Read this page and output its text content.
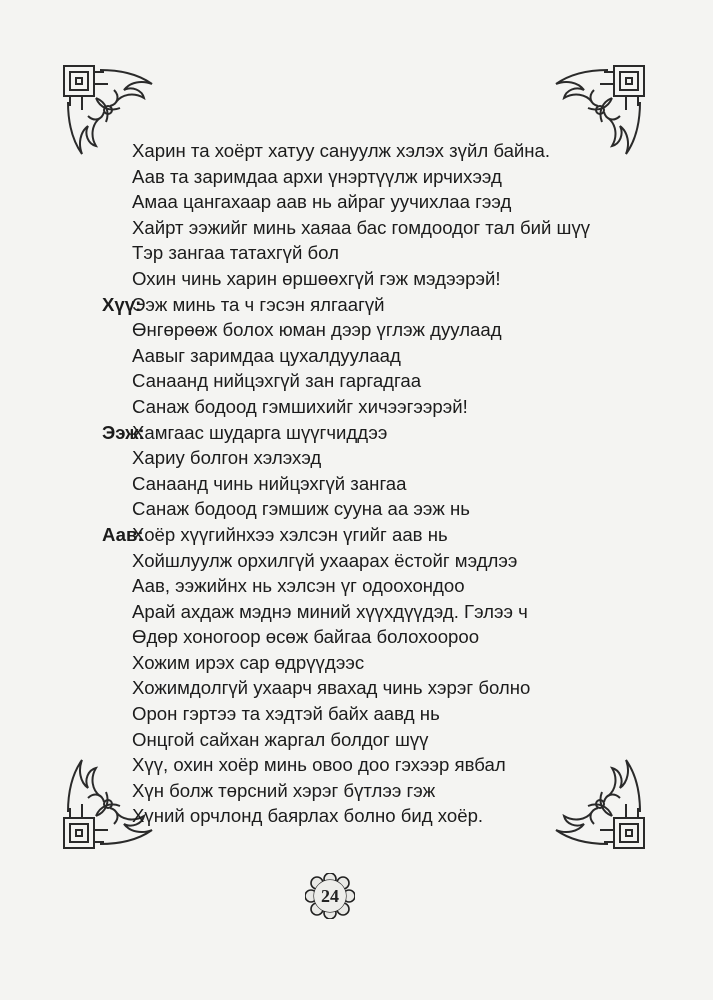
Харин та хоёрт хатуу сануулж хэлэх зүйл байна.
Аав та заримдаа архи үнэртүүлж ирчихээд
Амаа цангахаар аав нь айраг уучихлаа гээд
Хайрт ээжийг минь хаяаа бас гомдоодог тал бий шүү
Тэр зангаа татахгүй бол
Охин чинь харин өршөөхгүй гэж мэдээрэй!
Хүү:
Ээж минь та ч гэсэн ялгаагүй
Өнгөрөөж болох юман дээр үглэж дуулаад
Аавыг заримдаа цухалдуулаад
Санаанд нийцэхгүй зан гаргадгаа
Санаж бодоод гэмшихийг хичээгээрэй!
Ээж:
Хамгаас шударга шүүгчиддээ
Хариу болгон хэлэхэд
Санаанд чинь нийцэхгүй зангаа
Санаж бодоод гэмшиж сууна аа ээж нь
Аав:
Хоёр хүүгийнхээ хэлсэн үгийг аав нь
Хойшлуулж орхилгүй ухаарах ёстойг мэдлээ
Аав, ээжийнх нь хэлсэн үг одоохондоо
Арай ахдаж мэднэ миний хүүхдүүдэд. Гэлээ ч
Өдөр хоногоор өсөж байгаа болохоороо
Хожим ирэх сар өдрүүдээс
Хожимдолгүй ухаарч явахад чинь хэрэг болно
Орон гэртээ та хэдтэй байх аавд нь
Онцгой сайхан жаргал болдог шүү
Хүү, охин хоёр минь овоо доо гэхээр явбал
Хүн болж төрсний хэрэг бүтлээ гэж
Хүний орчлонд баярлах болно бид хоёр.
24
